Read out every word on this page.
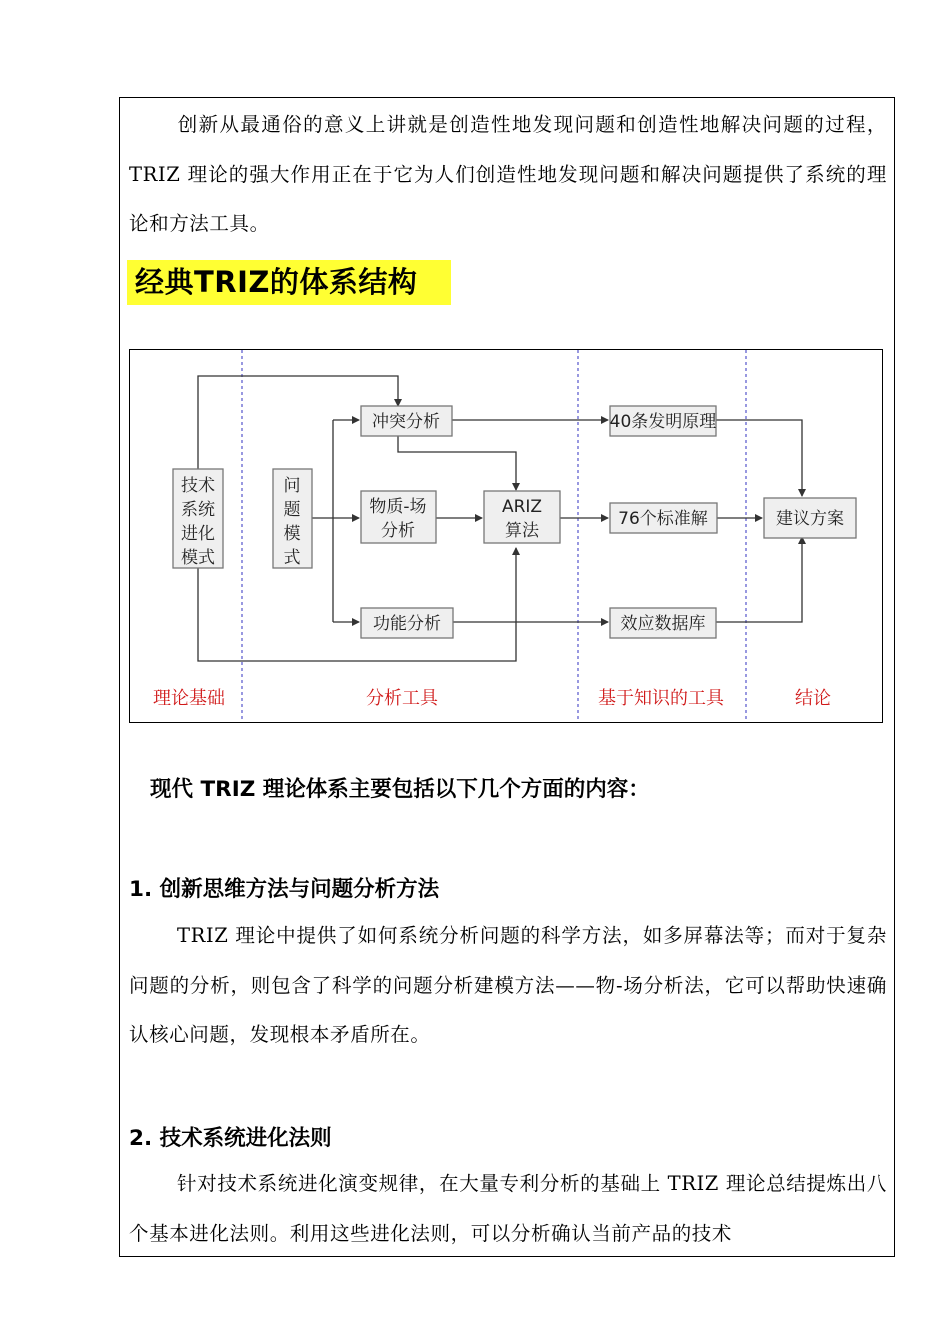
创新从最通俗的意义上讲就是创造性地发现问题和创造性地解决问题的过程，TRIZ 理论的强大作用正在于它为人们创造性地发现问题和解决问题提供了系统的理论和方法工具。

经典TRIZ的体系结构
技术
系统
进化
模式
问
题
模
式
冲突分析
物质-场
分析
功能分析
ARIZ
算法
40条发明原理
76个标准解
效应数据库
建议方案
理论基础	分析工具	基于知识的工具	结论
现代 TRIZ 理论体系主要包括以下几个方面的内容：
1. 创新思维方法与问题分析方法

TRIZ 理论中提供了如何系统分析问题的科学方法，如多屏幕法等；而对于复杂问题的分析，则包含了科学的问题分析建模方法——物-场分析法，它可以帮助快速确认核心问题，发现根本矛盾所在。

2. 技术系统进化法则

针对技术系统进化演变规律，在大量专利分析的基础上 TRIZ 理论总结提炼出八个基本进化法则。利用这些进化法则，可以分析确认当前产品的技术
